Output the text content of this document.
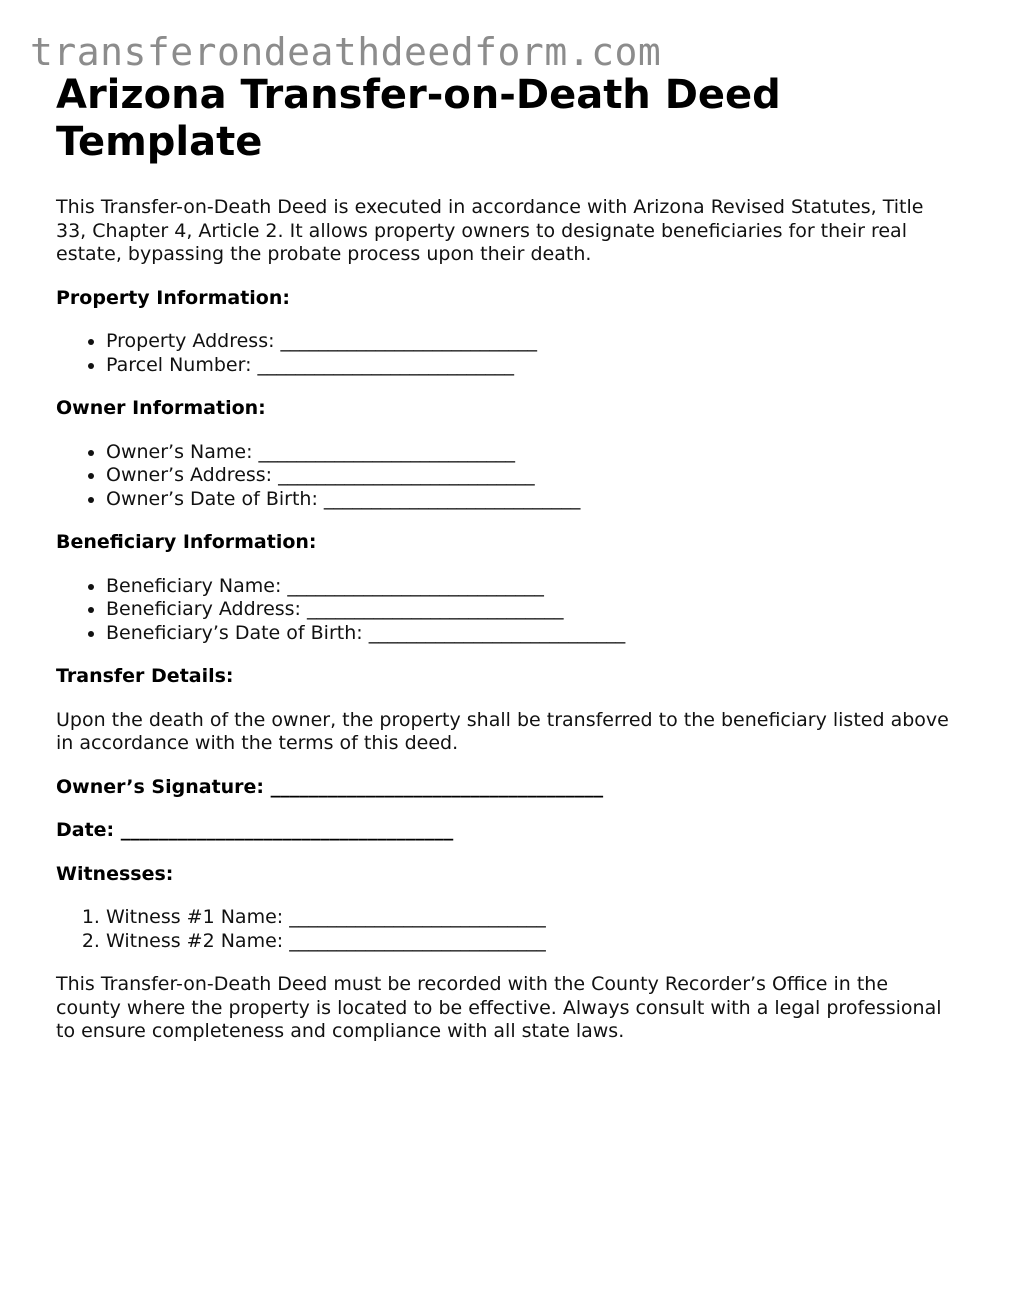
transferondeathdeedform.com
Arizona Transfer-on-Death Deed Template

This Transfer-on-Death Deed is executed in accordance with Arizona Revised Statutes, Title 33, Chapter 4, Article 2. It allows property owners to designate beneficiaries for their real estate, bypassing the probate process upon their death.

Property Information:

• Property Address: ___________________________
• Parcel Number: ___________________________

Owner Information:

• Owner’s Name: ___________________________
• Owner’s Address: ___________________________
• Owner’s Date of Birth: ___________________________

Beneficiary Information:

• Beneficiary Name: ___________________________
• Beneficiary Address: ___________________________
• Beneficiary’s Date of Birth: ___________________________

Transfer Details:

Upon the death of the owner, the property shall be transferred to the beneficiary listed above in accordance with the terms of this deed.

Owner’s Signature: ___________________________________

Date: ___________________________________

Witnesses:

1. Witness #1 Name: ___________________________
2. Witness #2 Name: ___________________________

This Transfer-on-Death Deed must be recorded with the County Recorder’s Office in the county where the property is located to be effective. Always consult with a legal professional to ensure completeness and compliance with all state laws.
